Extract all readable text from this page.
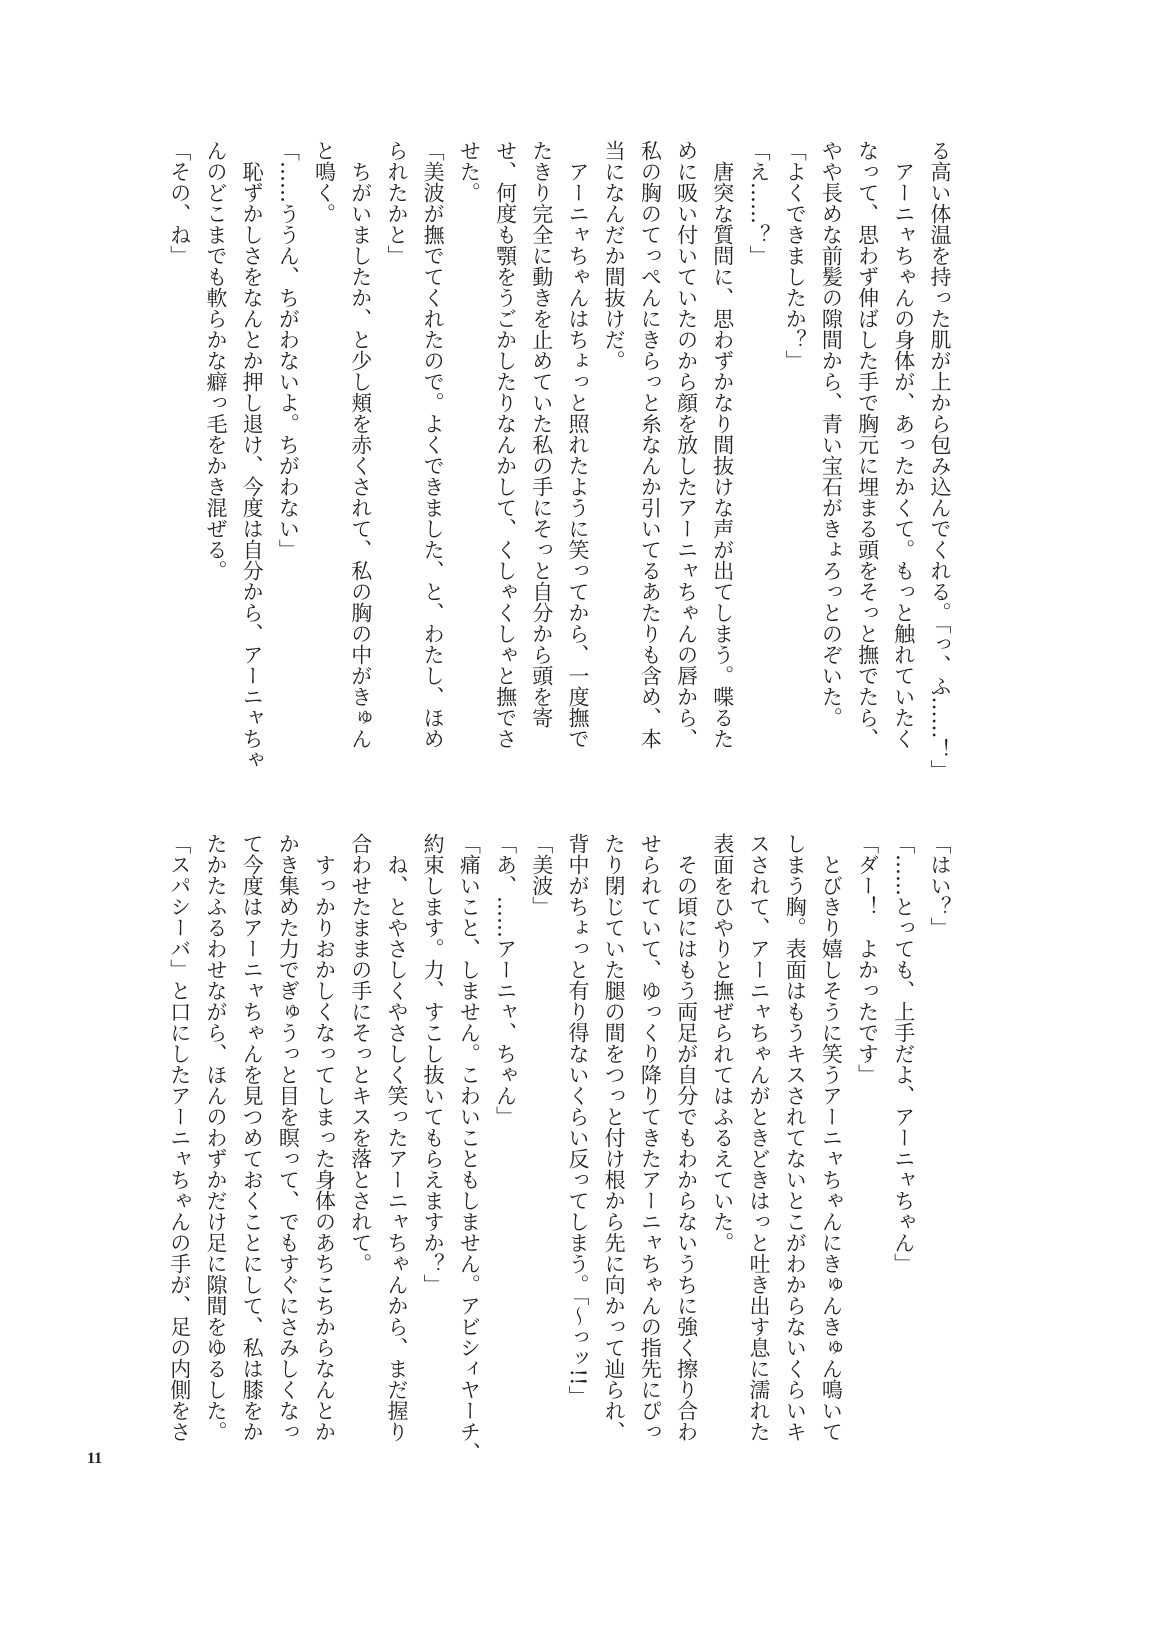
る高い体温を持った肌が上から包み込んでくれる。「っ、ふ……！」
　アーニャちゃんの身体が、あったかくて。もっと触れていたく
なって、思わず伸ばした手で胸元に埋まる頭をそっと撫でたら、
やや長めな前髪の隙間から、青い宝石がきょろっとのぞいた。
「よくできましたか？」
「え……？」
　唐突な質問に、思わずかなり間抜けな声が出てしまう。喋るた
めに吸い付いていたのから顔を放したアーニャちゃんの唇から、
私の胸のてっぺんにきらっと糸なんか引いてるあたりも含め、本
当になんだか間抜けだ。
　アーニャちゃんはちょっと照れたように笑ってから、一度撫で
たきり完全に動きを止めていた私の手にそっと自分から頭を寄
せ、何度も顎をうごかしたりなんかして、くしゃくしゃと撫でさ
せた。
「美波が撫でてくれたので。よくできました、と、わたし、ほめ
られたかと」
　ちがいましたか、と少し頬を赤くされて、私の胸の中がきゅん
と鳴く。
「……ううん、ちがわないよ。ちがわない」
　恥ずかしさをなんとか押し退け、今度は自分から、アーニャちゃ
んのどこまでも軟らかな癖っ毛をかき混ぜる。
「その、ね」
「はい？」
「……とっても、上手だよ、アーニャちゃん」
「ダー！　よかったです」
　とびきり嬉しそうに笑うアーニャちゃんにきゅんきゅん鳴いて
しまう胸。表面はもうキスされてないとこがわからないくらいキ
スされて、アーニャちゃんがときどきはっと吐き出す息に濡れた
表面をひやりと撫ぜられてはふるえていた。
　その頃にはもう両足が自分でもわからないうちに強く擦り合わ
せられていて、ゆっくり降りてきたアーニャちゃんの指先にぴっ
たり閉じていた腿の間をつっと付け根から先に向かって辿られ、
背中がちょっと有り得ないくらい反ってしまう。「〜っッ!!」
「美波」
「あ、……アーニャ、ちゃん」
「痛いこと、しません。こわいこともしません。アビシィヤーチ、
約束します。力、すこし抜いてもらえますか？」
　ね、とやさしくやさしく笑ったアーニャちゃんから、まだ握り
合わせたままの手にそっとキスを落とされて。
　すっかりおかしくなってしまった身体のあちこちからなんとか
かき集めた力でぎゅうっと目を瞑って、でもすぐにさみしくなっ
て今度はアーニャちゃんを見つめておくことにして、私は膝をか
たかたふるわせながら、ほんのわずかだけ足に隙間をゆるした。
「スパシーバ」と口にしたアーニャちゃんの手が、足の内側をさ
11
